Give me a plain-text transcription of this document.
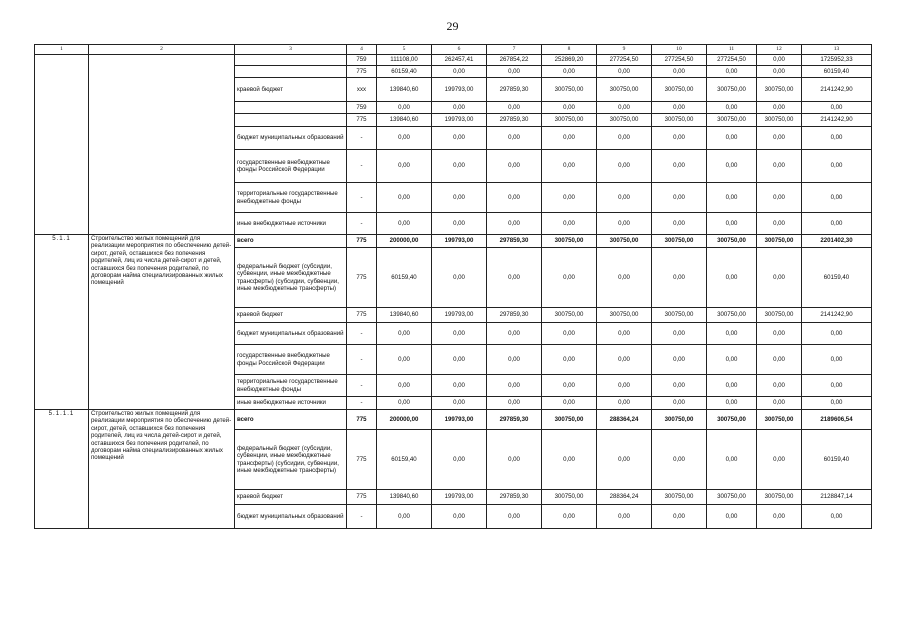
29
1	2	3	4	5	6	7	8	9	10	11	12	13
			759	111108,00	262457,41	267854,22	252869,20	277254,50	277254,50	277254,50	0,00	1725952,33
			775	60159,40	0,00	0,00	0,00	0,00	0,00	0,00	0,00	60159,40
		краевой бюджет	xxx	139840,60	199793,00	297859,30	300750,00	300750,00	300750,00	300750,00	300750,00	2141242,90
			759	0,00	0,00	0,00	0,00	0,00	0,00	0,00	0,00	0,00
			775	139840,60	199793,00	297859,30	300750,00	300750,00	300750,00	300750,00	300750,00	2141242,90
		бюджет муниципальных образований	-	0,00	0,00	0,00	0,00	0,00	0,00	0,00	0,00	0,00
		государственные внебюджетные фонды Российской Федерации	-	0,00	0,00	0,00	0,00	0,00	0,00	0,00	0,00	0,00
		территориальные государственные внебюджетные фонды	-	0,00	0,00	0,00	0,00	0,00	0,00	0,00	0,00	0,00
		иные внебюджетные источники	-	0,00	0,00	0,00	0,00	0,00	0,00	0,00	0,00	0,00
5.1.1	Строительство жилых помещений для реализации мероприятия по обеспечению детей-сирот, детей, оставшихся без попечения родителей, лиц из числа детей-сирот и детей, оставшихся без попечения родителей, по договорам найма специализированных жилых помещений	всего	775	200000,00	199793,00	297859,30	300750,00	300750,00	300750,00	300750,00	300750,00	2201402,30
		федеральный бюджет (субсидии, субвенции, иные межбюджетные трансферты) (субсидии, субвенции, иные межбюджетные трансферты)	775	60159,40	0,00	0,00	0,00	0,00	0,00	0,00	0,00	60159,40
		краевой бюджет	775	139840,60	199793,00	297859,30	300750,00	300750,00	300750,00	300750,00	300750,00	2141242,90
		бюджет муниципальных образований	-	0,00	0,00	0,00	0,00	0,00	0,00	0,00	0,00	0,00
		государственные внебюджетные фонды Российской Федерации	-	0,00	0,00	0,00	0,00	0,00	0,00	0,00	0,00	0,00
		территориальные государственные внебюджетные фонды	-	0,00	0,00	0,00	0,00	0,00	0,00	0,00	0,00	0,00
		иные внебюджетные источники	-	0,00	0,00	0,00	0,00	0,00	0,00	0,00	0,00	0,00
5.1.1.1	Строительство жилых помещений для реализации мероприятия по обеспечению детей-сирот, детей, оставшихся без попечения родителей, лиц из числа детей-сирот и детей, оставшихся без попечения родителей, по договорам найма специализированных жилых помещений	всего	775	200000,00	199793,00	297859,30	300750,00	288364,24	300750,00	300750,00	300750,00	2189606,54
		федеральный бюджет (субсидии, субвенции, иные межбюджетные трансферты) (субсидии, субвенции, иные межбюджетные трансферты)	775	60159,40	0,00	0,00	0,00	0,00	0,00	0,00	0,00	60159,40
		краевой бюджет	775	139840,60	199793,00	297859,30	300750,00	288364,24	300750,00	300750,00	300750,00	2128847,14
		бюджет муниципальных образований	-	0,00	0,00	0,00	0,00	0,00	0,00	0,00	0,00	0,00
